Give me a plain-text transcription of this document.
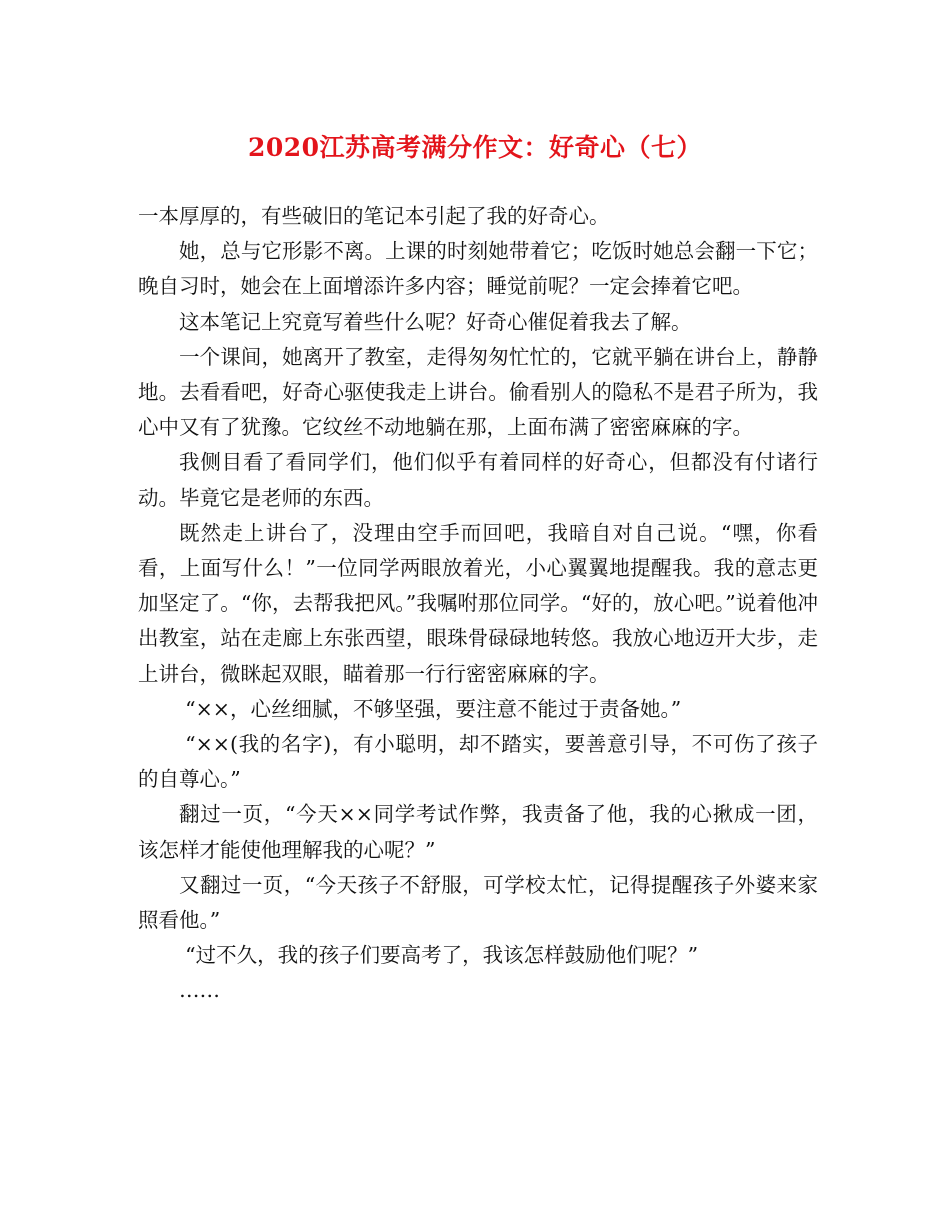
2020江苏高考满分作文：好奇心（七）

一本厚厚的，有些破旧的笔记本引起了我的好奇心。

她，总与它形影不离。上课的时刻她带着它；吃饭时她总会翻一下它；晚自习时，她会在上面增添许多内容；睡觉前呢？一定会捧着它吧。

这本笔记上究竟写着些什么呢？好奇心催促着我去了解。

一个课间，她离开了教室，走得匆匆忙忙的，它就平躺在讲台上，静静地。去看看吧，好奇心驱使我走上讲台。偷看别人的隐私不是君子所为，我心中又有了犹豫。它纹丝不动地躺在那，上面布满了密密麻麻的字。

我侧目看了看同学们，他们似乎有着同样的好奇心，但都没有付诸行动。毕竟它是老师的东西。

既然走上讲台了，没理由空手而回吧，我暗自对自己说。“嘿，你看看，上面写什么！”一位同学两眼放着光，小心翼翼地提醒我。我的意志更加坚定了。“你，去帮我把风。”我嘱咐那位同学。“好的，放心吧。”说着他冲出教室，站在走廊上东张西望，眼珠骨碌碌地转悠。我放心地迈开大步，走上讲台，微眯起双眼，瞄着那一行行密密麻麻的字。

“××，心丝细腻，不够坚强，要注意不能过于责备她。”

“××(我的名字)，有小聪明，却不踏实，要善意引导，不可伤了孩子的自尊心。”

翻过一页，“今天××同学考试作弊，我责备了他，我的心揪成一团，该怎样才能使他理解我的心呢？”

又翻过一页，“今天孩子不舒服，可学校太忙，记得提醒孩子外婆来家照看他。”

“过不久，我的孩子们要高考了，我该怎样鼓励他们呢？”

……
